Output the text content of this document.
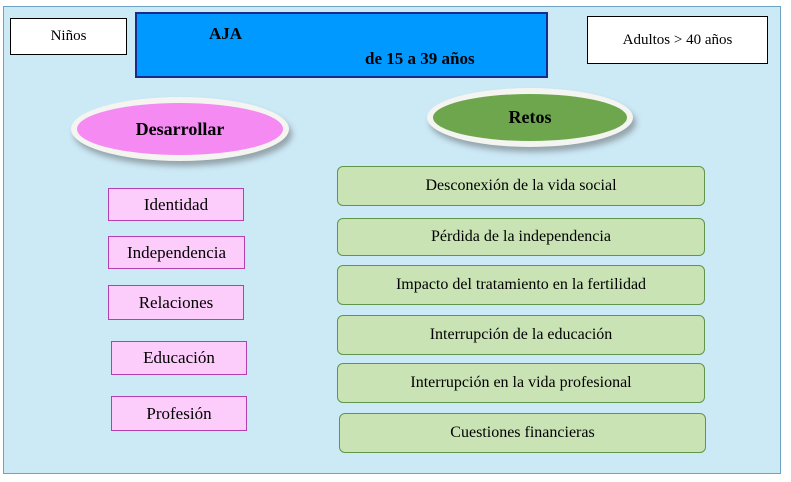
Niños	AJA
de 15 a 39 años
Adultos > 40 años
Desarrollar
Retos
Identidad
Independencia
Relaciones
Educación
Profesión
Desconexión de la vida social
Pérdida de la independencia
Impacto del tratamiento en la fertilidad
Interrupción de la educación
Interrupción en la vida profesional
Cuestiones financieras
